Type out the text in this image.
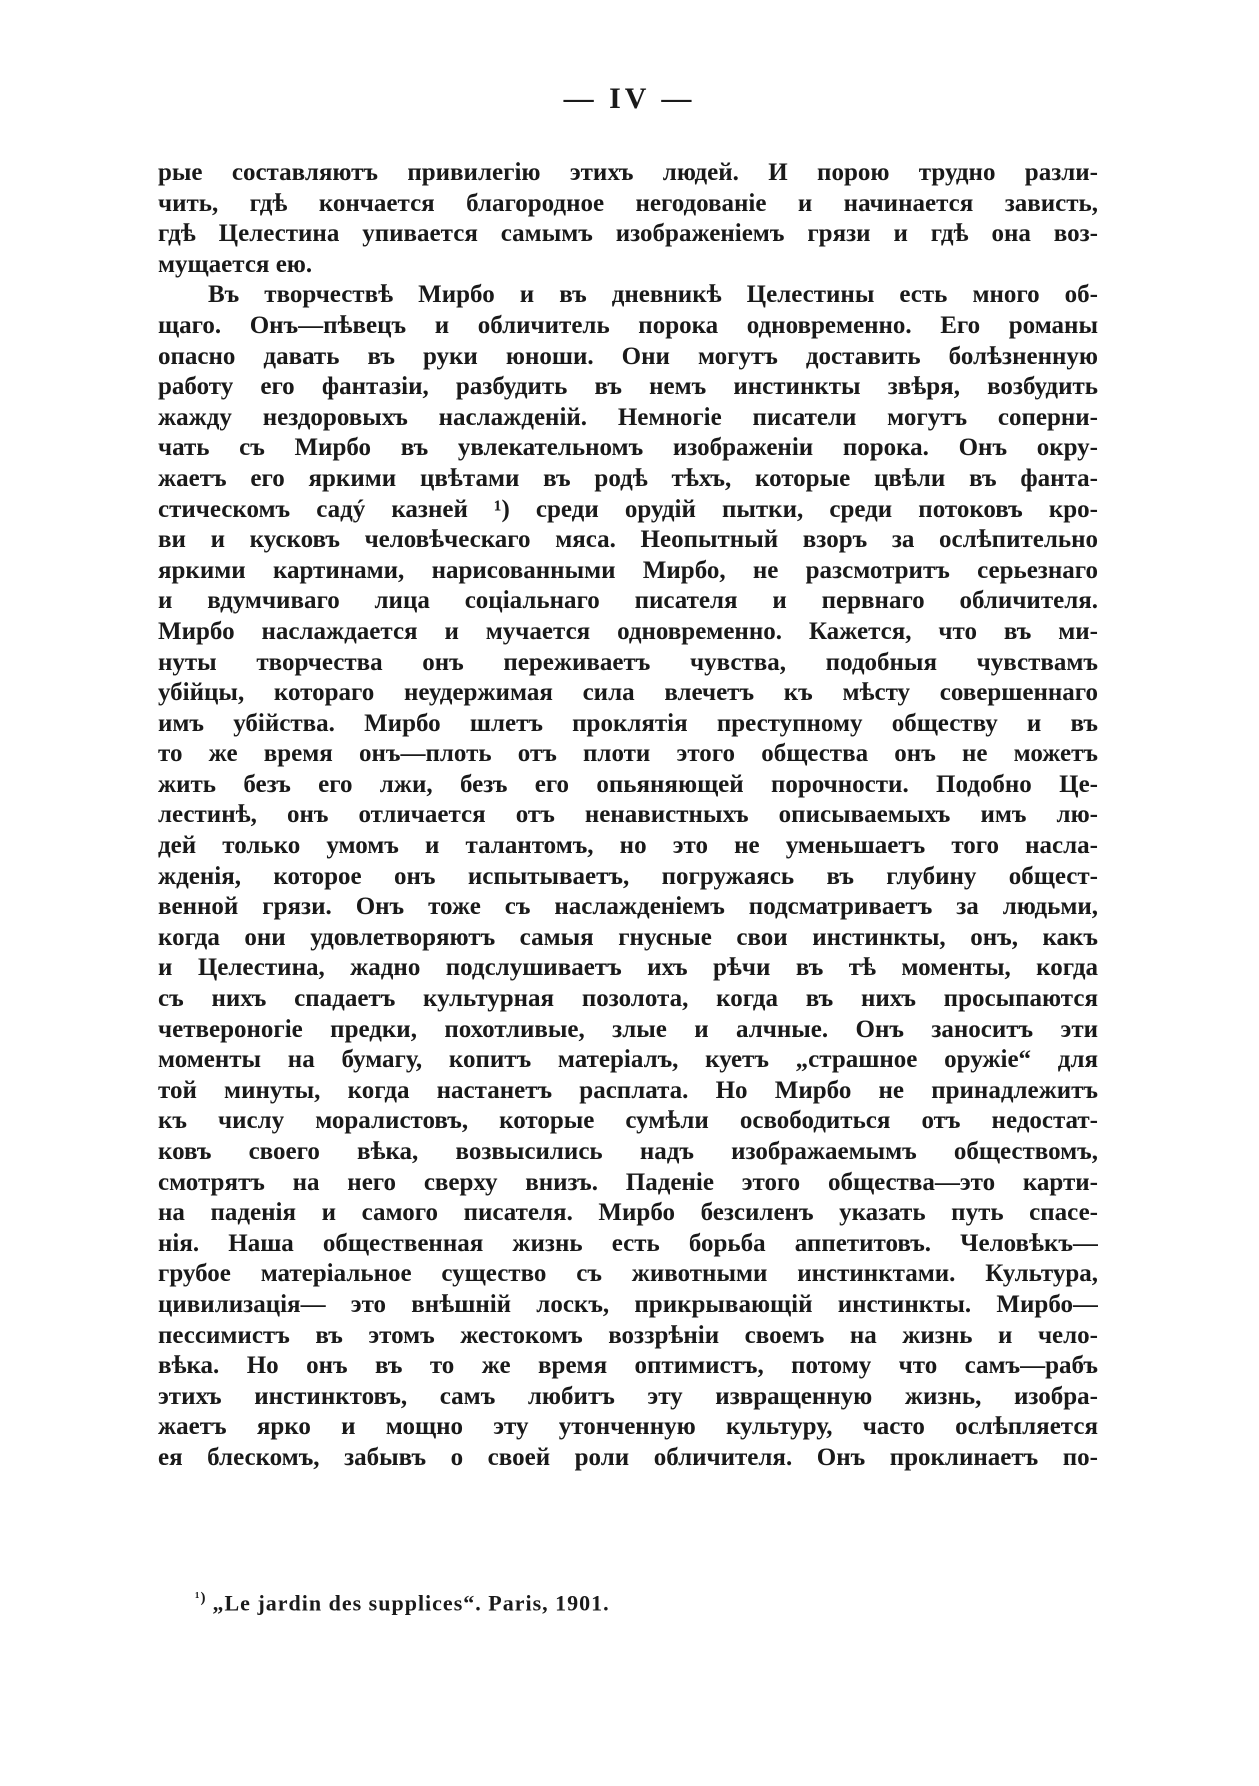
— IV —
рые составляютъ привилегію этихъ людей. И порою трудно разли-
чить, гдѣ кончается благородное негодованіе и начинается зависть,
гдѣ Целестина упивается самымъ изображеніемъ грязи и гдѣ она воз-
мущается ею.
Въ творчествѣ Мирбо и въ дневникѣ Целестины есть много об-
щаго. Онъ—пѣвецъ и обличитель порока одновременно. Его романы
опасно давать въ руки юноши. Они могутъ доставить болѣзненную
работу его фантазіи, разбудить въ немъ инстинкты звѣря, возбудить
жажду нездоровыхъ наслажденій. Немногіе писатели могутъ соперни-
чать съ Мирбо въ увлекательномъ изображеніи порока. Онъ окру-
жаетъ его яркими цвѣтами въ родѣ тѣхъ, которые цвѣли въ фанта-
стическомъ садý казней ¹) среди орудій пытки, среди потоковъ кро-
ви и кусковъ человѣческаго мяса. Неопытный взоръ за ослѣпительно
яркими картинами, нарисованными Мирбо, не разсмотритъ серьезнаго
и вдумчиваго лица соціальнаго писателя и первнаго обличителя.
Мирбо наслаждается и мучается одновременно. Кажется, что въ ми-
нуты творчества онъ переживаетъ чувства, подобныя чувствамъ
убійцы, котораго неудержимая сила влечетъ къ мѣсту совершеннаго
имъ убійства. Мирбо шлетъ проклятія преступному обществу и въ
то же время онъ—плоть отъ плоти этого общества онъ не можетъ
жить безъ его лжи, безъ его опьяняющей порочности. Подобно Це-
лестинѣ, онъ отличается отъ ненавистныхъ описываемыхъ имъ лю-
дей только умомъ и талантомъ, но это не уменьшаетъ того насла-
жденія, которое онъ испытываетъ, погружаясь въ глубину общест-
венной грязи. Онъ тоже съ наслажденіемъ подсматриваетъ за людьми,
когда они удовлетворяютъ самыя гнусные свои инстинкты, онъ, какъ
и Целестина, жадно подслушиваетъ ихъ рѣчи въ тѣ моменты, когда
съ нихъ спадаетъ культурная позолота, когда въ нихъ просыпаются
четвероногіе предки, похотливые, злые и алчные. Онъ заноситъ эти
моменты на бумагу, копитъ матеріалъ, куетъ „страшное оружіе“ для
той минуты, когда настанетъ расплата. Но Мирбо не принадлежитъ
къ числу моралистовъ, которые сумѣли освободиться отъ недостат-
ковъ своего вѣка, возвысились надъ изображаемымъ обществомъ,
смотрятъ на него сверху внизъ. Паденіе этого общества—это карти-
на паденія и самого писателя. Мирбо безсиленъ указать путь спасе-
нія. Наша общественная жизнь есть борьба аппетитовъ. Человѣкъ—
грубое матеріальное существо съ животными инстинктами. Культура,
цивилизація— это внѣшній лоскъ, прикрывающій инстинкты. Мирбо—
пессимистъ въ этомъ жестокомъ воззрѣніи своемъ на жизнь и чело-
вѣка. Но онъ въ то же время оптимистъ, потому что самъ—рабъ
этихъ инстинктовъ, самъ любитъ эту извращенную жизнь, изобра-
жаетъ ярко и мощно эту утонченную культуру, часто ослѣпляется
ея блескомъ, забывъ о своей роли обличителя. Онъ проклинаетъ по-
$^{^1)}$ „Le jardin des supplices“. Paris, 1901.
